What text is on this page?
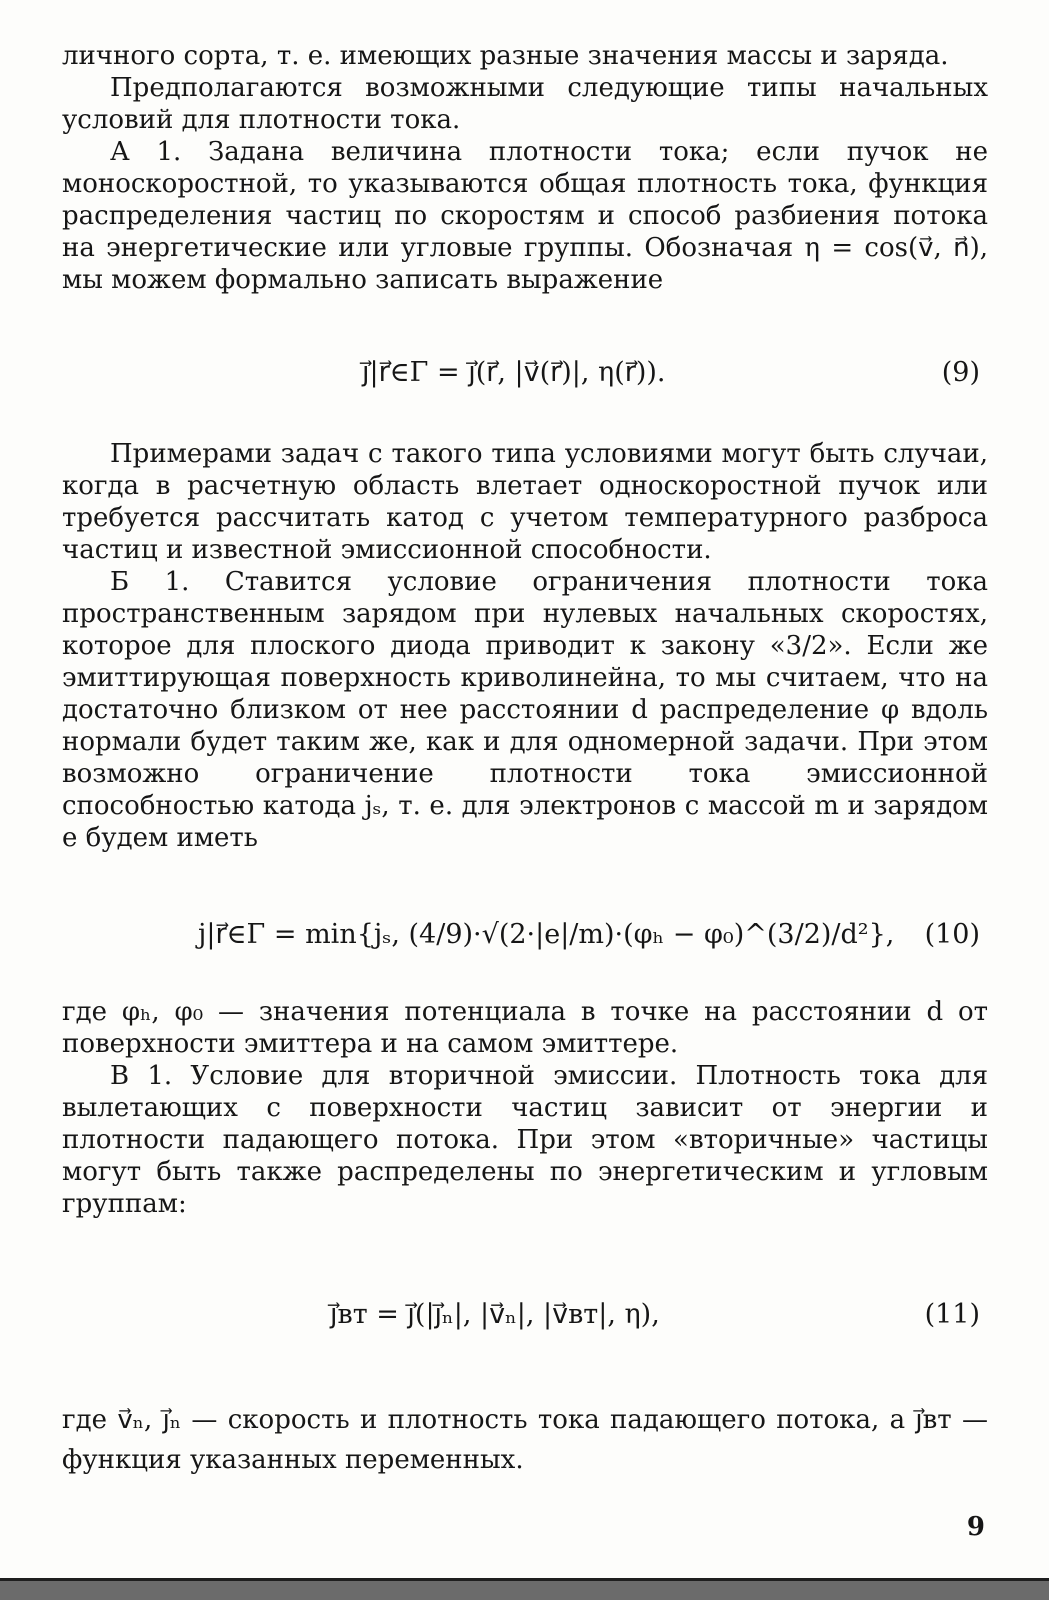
личного сорта, т. е. имеющих разные значения массы и заряда.

Предполагаются возможными следующие типы начальных условий для плотности тока.

А 1. Задана величина плотности тока; если пучок не моноскоростной, то указываются общая плотность тока, функция распределения частиц по скоростям и способ разбиения потока на энергетические или угловые группы. Обозначая η = cos(v⃗, n⃗), мы можем формально записать выражение

j⃗|r⃗∈Γ = j⃗(r⃗, |v⃗(r⃗)|, η(r⃗)).	(9)

Примерами задач с такого типа условиями могут быть случаи, когда в расчетную область влетает односкоростной пучок или требуется рассчитать катод с учетом температурного разброса частиц и известной эмиссионной способности.

Б 1. Ставится условие ограничения плотности тока пространственным зарядом при нулевых начальных скоростях, которое для плоского диода приводит к закону «3/2». Если же эмиттирующая поверхность криволинейна, то мы считаем, что на достаточно близком от нее расстоянии d распределение φ вдоль нормали будет таким же, как и для одномерной задачи. При этом возможно ограничение плотности тока эмиссионной способностью катода jₛ, т. е. для электронов с массой m и зарядом e будем иметь

j|r⃗∈Γ = min{jₛ, (4/9)·√(2·|e|/m)·(φₕ − φ₀)^(3/2)/d²}, (10)

где φₕ, φ₀ — значения потенциала в точке на расстоянии d от поверхности эмиттера и на самом эмиттере.

В 1. Условие для вторичной эмиссии. Плотность тока для вылетающих с поверхности частиц зависит от энергии и плотности падающего потока. При этом «вторичные» частицы могут быть также распределены по энергетическим и угловым группам:

j⃗вт = j⃗(|j⃗ₙ|, |v⃗ₙ|, |v⃗вт|, η),	(11)

где v⃗ₙ, j⃗ₙ — скорость и плотность тока падающего потока, а j⃗вт — функция указанных переменных.

9
